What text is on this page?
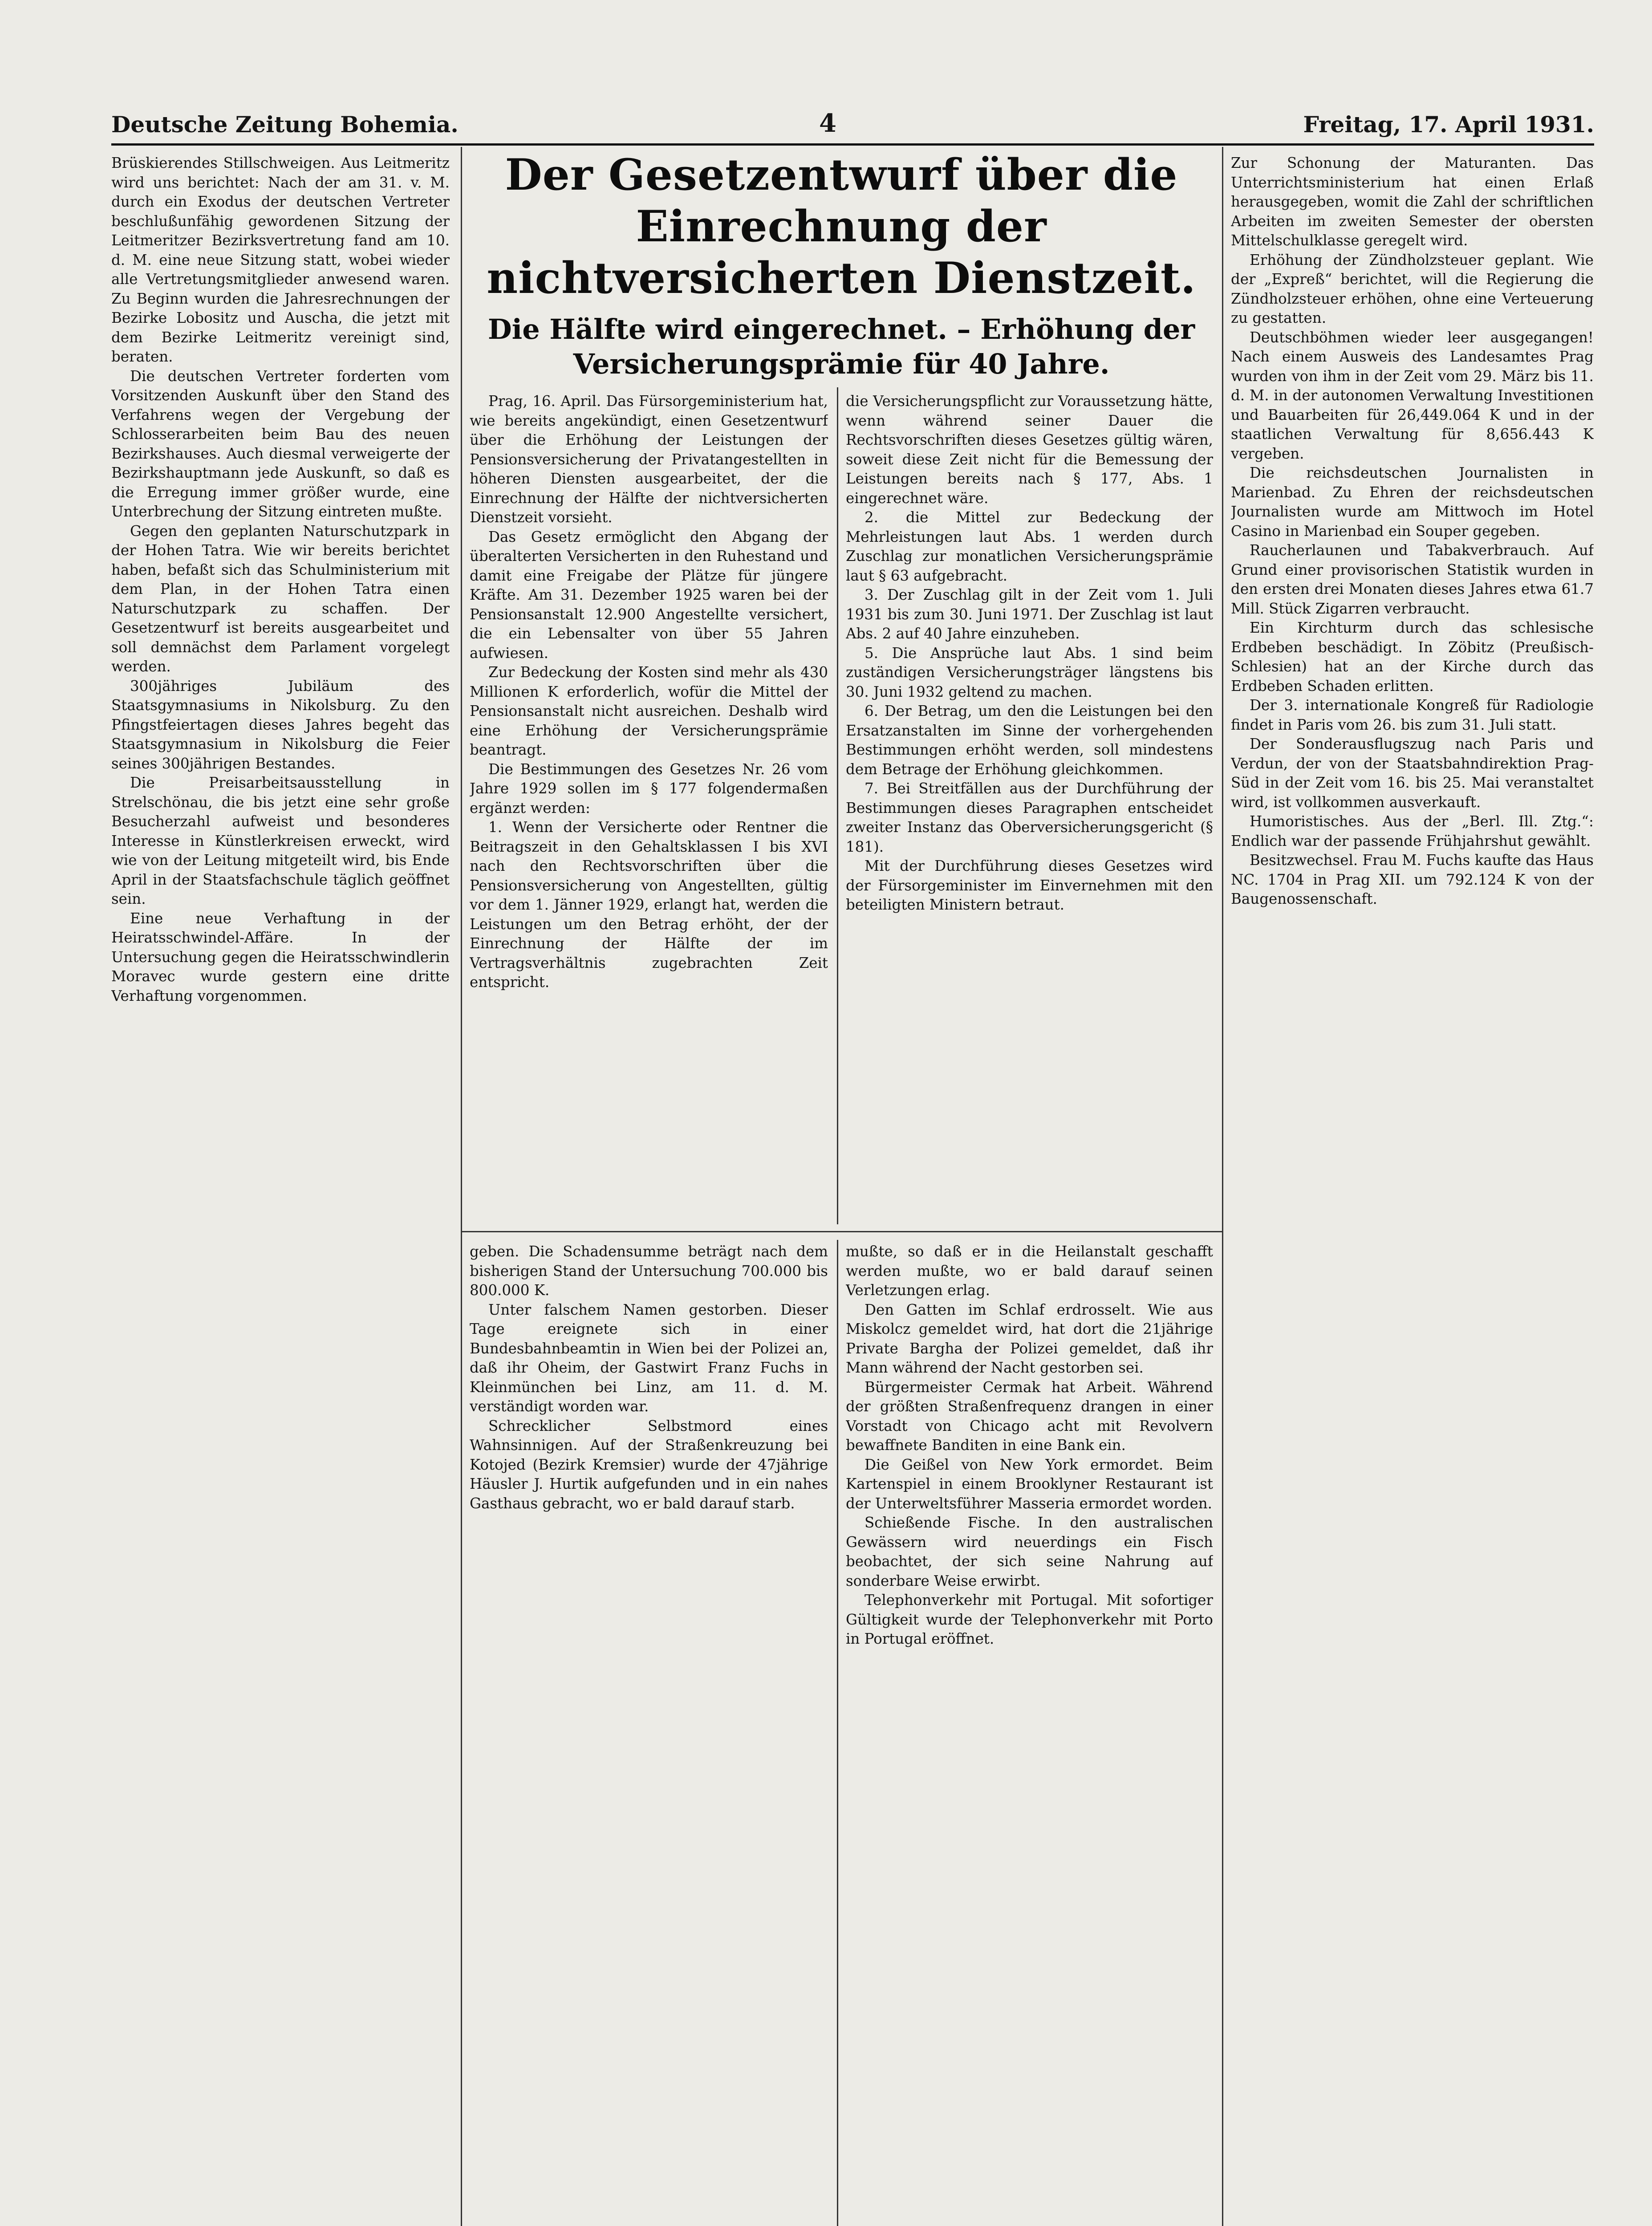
Deutsche Zeitung Bohemia.	4	Freitag, 17. April 1931.
Der Gesetzentwurf über die Einrechnung der nichtversicherten Dienstzeit.
Die Hälfte wird eingerechnet. – Erhöhung der Versicherungsprämie für 40 Jahre.

Brüskierendes Stillschweigen. Aus Leitmeritz wird uns berichtet: Nach der am 31. v. M. durch ein Exodus der deutschen Vertreter beschlußunfähig gewordenen Sitzung der Leitmeritzer Bezirksvertretung fand am 10. d. M. eine neue Sitzung statt, wobei wieder alle Vertretungsmitglieder anwesend waren. Zu Beginn wurden die Jahresrechnungen der Bezirke Lobositz und Auscha, die jetzt mit dem Bezirke Leitmeritz vereinigt sind, beraten.

Die deutschen Vertreter forderten vom Vorsitzenden Auskunft über den Stand des Verfahrens wegen der Vergebung der Schlosserarbeiten beim Bau des neuen Bezirkshauses. Auch diesmal verweigerte der Bezirkshauptmann jede Auskunft, so daß es die Erregung immer größer wurde, eine Unterbrechung der Sitzung eintreten mußte.

Gegen den geplanten Naturschutzpark in der Hohen Tatra. Wie wir bereits berichtet haben, befaßt sich das Schulministerium mit dem Plan, in der Hohen Tatra einen Naturschutzpark zu schaffen. Der Gesetzentwurf ist bereits ausgearbeitet und soll demnächst dem Parlament vorgelegt werden.

300jähriges Jubiläum des Staatsgymnasiums in Nikolsburg. Zu den Pfingstfeiertagen dieses Jahres begeht das Staatsgymnasium in Nikolsburg die Feier seines 300jährigen Bestandes.

Die Preisarbeitsausstellung in Strelschönau, die bis jetzt eine sehr große Besucherzahl aufweist und besonderes Interesse in Künstlerkreisen erweckt, wird wie von der Leitung mitgeteilt wird, bis Ende April in der Staatsfachschule täglich geöffnet sein.

Eine neue Verhaftung in der Heiratsschwindel-Affäre. In der Untersuchung gegen die Heiratsschwindlerin Moravec wurde gestern eine dritte Verhaftung vorgenommen.

Prag, 16. April. Das Fürsorgeministerium hat, wie bereits angekündigt, einen Gesetzentwurf über die Erhöhung der Leistungen der Pensionsversicherung der Privatangestellten in höheren Diensten ausgearbeitet, der die Einrechnung der Hälfte der nichtversicherten Dienstzeit vorsieht.

Das Gesetz ermöglicht den Abgang der überalterten Versicherten in den Ruhestand und damit eine Freigabe der Plätze für jüngere Kräfte. Am 31. Dezember 1925 waren bei der Pensionsanstalt 12.900 Angestellte versichert, die ein Lebensalter von über 55 Jahren aufwiesen.

Zur Bedeckung der Kosten sind mehr als 430 Millionen K erforderlich, wofür die Mittel der Pensionsanstalt nicht ausreichen. Deshalb wird eine Erhöhung der Versicherungsprämie beantragt.

Die Bestimmungen des Gesetzes Nr. 26 vom Jahre 1929 sollen im § 177 folgendermaßen ergänzt werden:

1. Wenn der Versicherte oder Rentner die Beitragszeit in den Gehaltsklassen I bis XVI nach den Rechtsvorschriften über die Pensionsversicherung von Angestellten, gültig vor dem 1. Jänner 1929, erlangt hat, werden die Leistungen um den Betrag erhöht, der der Einrechnung der Hälfte der im Vertragsverhältnis zugebrachten Zeit entspricht.

die Versicherungspflicht zur Voraussetzung hätte, wenn während seiner Dauer die Rechtsvorschriften dieses Gesetzes gültig wären, soweit diese Zeit nicht für die Bemessung der Leistungen bereits nach § 177, Abs. 1 eingerechnet wäre.

2. die Mittel zur Bedeckung der Mehrleistungen laut Abs. 1 werden durch Zuschlag zur monatlichen Versicherungsprämie laut § 63 aufgebracht.

3. Der Zuschlag gilt in der Zeit vom 1. Juli 1931 bis zum 30. Juni 1971. Der Zuschlag ist laut Abs. 2 auf 40 Jahre einzuheben.

5. Die Ansprüche laut Abs. 1 sind beim zuständigen Versicherungsträger längstens bis 30. Juni 1932 geltend zu machen.

6. Der Betrag, um den die Leistungen bei den Ersatzanstalten im Sinne der vorhergehenden Bestimmungen erhöht werden, soll mindestens dem Betrage der Erhöhung gleichkommen.

7. Bei Streitfällen aus der Durchführung der Bestimmungen dieses Paragraphen entscheidet zweiter Instanz das Oberversicherungsgericht (§ 181).

Mit der Durchführung dieses Gesetzes wird der Fürsorgeminister im Einvernehmen mit den beteiligten Ministern betraut.

geben. Die Schadensumme beträgt nach dem bisherigen Stand der Untersuchung 700.000 bis 800.000 K.

Unter falschem Namen gestorben. Dieser Tage ereignete sich in einer Bundesbahnbeamtin in Wien bei der Polizei an, daß ihr Oheim, der Gastwirt Franz Fuchs in Kleinmünchen bei Linz, am 11. d. M. verständigt worden war.

Schrecklicher Selbstmord eines Wahnsinnigen. Auf der Straßenkreuzung bei Kotojed (Bezirk Kremsier) wurde der 47jährige Häusler J. Hurtik aufgefunden und in ein nahes Gasthaus gebracht, wo er bald darauf starb.

mußte, so daß er in die Heilanstalt geschafft werden mußte, wo er bald darauf seinen Verletzungen erlag.

Den Gatten im Schlaf erdrosselt. Wie aus Miskolcz gemeldet wird, hat dort die 21jährige Private Bargha der Polizei gemeldet, daß ihr Mann während der Nacht gestorben sei.

Bürgermeister Cermak hat Arbeit. Während der größten Straßenfrequenz drangen in einer Vorstadt von Chicago acht mit Revolvern bewaffnete Banditen in eine Bank ein.

Die Geißel von New York ermordet. Beim Kartenspiel in einem Brooklyner Restaurant ist der Unterweltsführer Masseria ermordet worden.

Schießende Fische. In den australischen Gewässern wird neuerdings ein Fisch beobachtet, der sich seine Nahrung auf sonderbare Weise erwirbt.

Telephonverkehr mit Portugal. Mit sofortiger Gültigkeit wurde der Telephonverkehr mit Porto in Portugal eröffnet.

Zur Schonung der Maturanten. Das Unterrichtsministerium hat einen Erlaß herausgegeben, womit die Zahl der schriftlichen Arbeiten im zweiten Semester der obersten Mittelschulklasse geregelt wird.

Erhöhung der Zündholzsteuer geplant. Wie der „Expreß“ berichtet, will die Regierung die Zündholzsteuer erhöhen, ohne eine Verteuerung zu gestatten.

Deutschböhmen wieder leer ausgegangen! Nach einem Ausweis des Landesamtes Prag wurden von ihm in der Zeit vom 29. März bis 11. d. M. in der autonomen Verwaltung Investitionen und Bauarbeiten für 26,449.064 K und in der staatlichen Verwaltung für 8,656.443 K vergeben.

Die reichsdeutschen Journalisten in Marienbad. Zu Ehren der reichsdeutschen Journalisten wurde am Mittwoch im Hotel Casino in Marienbad ein Souper gegeben.

Raucherlaunen und Tabakverbrauch. Auf Grund einer provisorischen Statistik wurden in den ersten drei Monaten dieses Jahres etwa 61.7 Mill. Stück Zigarren verbraucht.

Ein Kirchturm durch das schlesische Erdbeben beschädigt. In Zöbitz (Preußisch-Schlesien) hat an der Kirche durch das Erdbeben Schaden erlitten.

Der 3. internationale Kongreß für Radiologie findet in Paris vom 26. bis zum 31. Juli statt.

Der Sonderausflugszug nach Paris und Verdun, der von der Staatsbahndirektion Prag-Süd in der Zeit vom 16. bis 25. Mai veranstaltet wird, ist vollkommen ausverkauft.

Humoristisches. Aus der „Berl. Ill. Ztg.“: Endlich war der passende Frühjahrshut gewählt.

Besitzwechsel. Frau M. Fuchs kaufte das Haus NC. 1704 in Prag XII. um 792.124 K von der Baugenossenschaft.
